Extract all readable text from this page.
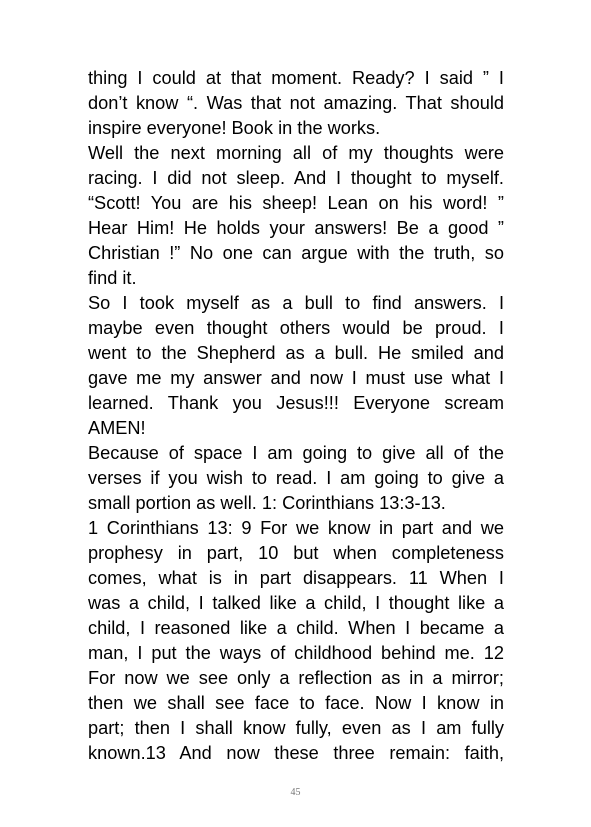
thing I could at that moment. Ready? I said ” I
don’t know “. Was that not amazing. That should
inspire everyone! Book in the works.
Well the next morning all of my thoughts were
racing. I did not sleep. And I thought to myself.
“Scott! You are his sheep! Lean on his word! ”
Hear Him! He holds your answers! Be a good ”
Christian !” No one can argue with the truth, so
find it.
So I took myself as a bull to find answers. I
maybe even thought others would be proud. I
went to the Shepherd as a bull. He smiled and
gave me my answer and now I must use what I
learned. Thank you Jesus!!! Everyone scream
AMEN!
Because of space I am going to give all of the
verses if you wish to read. I am going to give a
small portion as well. 1: Corinthians 13:3-13.
1 Corinthians 13: 9 For we know in part and we
prophesy in part, 10 but when completeness
comes, what is in part disappears. 11 When I
was a child, I talked like a child, I thought like a
child, I reasoned like a child. When I became a
man, I put the ways of childhood behind me. 12
For now we see only a reflection as in a mirror;
then we shall see face to face. Now I know in
part; then I shall know fully, even as I am fully
known.13 And now these three remain: faith,
45
